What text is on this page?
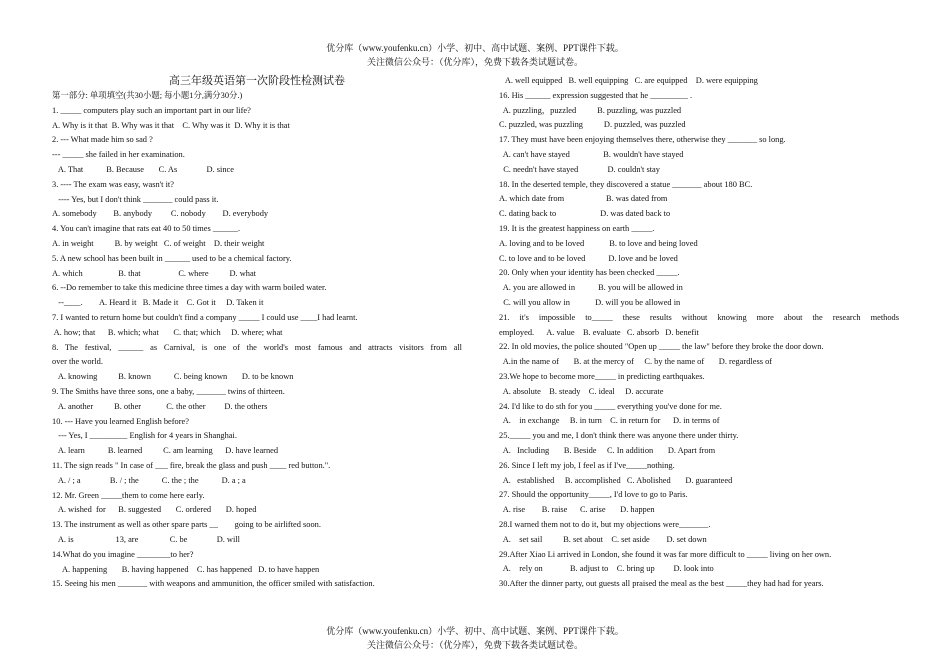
优分库（www.youfenku.cn）小学、初中、高中试题、案例、PPT课件下载。
关注微信公众号：（优分库），免费下载各类试题试卷。
高三年级英语第一次阶段性检测试卷
第一部分: 单项填空(共30小题; 每小题1分,满分30分.)
1. _____ computers play such an important part in our life?
A. Why is it that  B. Why was it that    C. Why was it  D. Why it is that
2. --- What made him so sad ?
--- _____ she failed in her examination.
A. That           B. Because       C. As              D. since
3. ---- The exam was easy, wasn't it?
---- Yes, but I don't think _______ could pass it.
A. somebody        B. anybody         C. nobody        D. everybody
4. You can't imagine that rats eat 40 to 50 times ______.
A. in weight          B. by weight   C. of weight    D. their weight
5. A new school has been built in ______ used to be a chemical factory.
A. which                 B. that                  C. where          D. what
6. --Do remember to take this medicine three times a day with warm boiled water.
--____.        A. Heard it   B. Made it    C. Got it     D. Taken it
7. I wanted to return home but couldn't find a company _____ I could use ____I had learnt.
A. how; that      B. which; what       C. that; which     D. where; what
8. The festival, ______ as Carnival, is one of the world's most famous and attracts visitors from all
over the world.
A. knowing          B. known           C. being known       D. to be known
9. The Smiths have three sons, one a baby, _______ twins of thirteen.
A. another          B. other            C. the other         D. the others
10. --- Have you learned English before?
--- Yes, I _________ English for 4 years in Shanghai.
A. learn           B. learned          C. am learning      D. have learned
11. The sign reads " In case of ___ fire, break the glass and push ____ red button.".
A. / ; a              B. / ; the           C. the ; the           D. a ; a
12. Mr. Green _____them to come here early.
A. wished  for      B. suggested       C. ordered       D. hoped
13. The instrument as well as other spare parts __        going to be airlifted soon.
A. is                    13, are               C. be              D. will
14.What do you imagine ________to her?
A. happening       B. having happened    C. has happened   D. to have happen
15. Seeing his men _______ with weapons and ammunition, the officer smiled with satisfaction.
A. well equipped   B. well equipping   C. are equipped    D. were equipping
16. His ______ expression suggested that he _________ .
A. puzzling，puzzled          B. puzzling, was puzzled
C. puzzled, was puzzling          D. puzzled, was puzzled
17. They must have been enjoying themselves there, otherwise they _______ so long.
A. can't have stayed                B. wouldn't have stayed
C. needn't have stayed              D. couldn't stay
18. In the deserted temple, they discovered a statue _______ about 180 BC.
A. which date from                    B. was dated from
C. dating back to                     D. was dated back to
19. It is the greatest happiness on earth _____.
A. loving and to be loved            B. to love and being loved
C. to love and to be loved           D. love and be loved
20. Only when your identity has been checked _____.
A. you are allowed in           B. you will be allowed in
C. will you allow in            D. will you be allowed in
21. it's impossible to_____ these results without knowing more about the research methods
employed.      A. value    B. evaluate   C. absorb   D. benefit
22. In old movies, the police shouted "Open up _____ the law" before they broke the door down.
A.in the name of       B. at the mercy of     C. by the name of       D. regardless of
23.We hope to become more_____ in predicting earthquakes.
A. absolute    B. steady    C. ideal     D. accurate
24. I'd like to do sth for you _____ everything you've done for me.
A.    in exchange     B. in turn    C. in return for      D. in terms of
25._____ you and me, I don't think there was anyone there under thirty.
A.   Including       B. Beside     C. In addition       D. Apart from
26. Since I left my job, I feel as if I've_____nothing.
A.   established     B. accomplished   C. Abolished       D. guaranteed
27. Should the opportunity_____, I'd love to go to Paris.
A. rise        B. raise      C. arise       D. happen
28.I warned them not to do it, but my objections were_______.
A.    set sail          B. set about    C. set aside        D. set down
29.After Xiao Li arrived in London, she found it was far more difficult to _____ living on her own.
A.    rely on             B. adjust to    C. bring up         D. look into
30.After the dinner party, out guests all praised the meal as the best _____they had had for years.
优分库（www.youfenku.cn）小学、初中、高中试题、案例、PPT课件下载。
关注微信公众号：（优分库），免费下载各类试题试卷。
